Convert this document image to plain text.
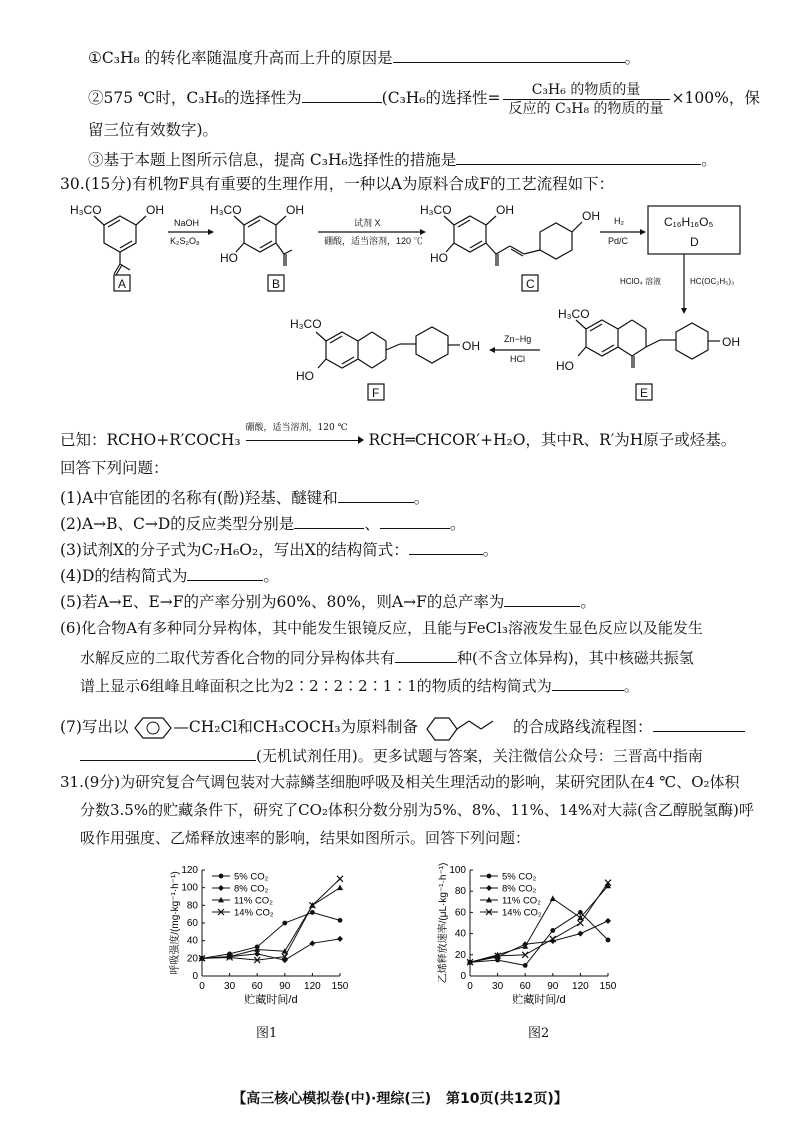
①C₃H₈ 的转化率随温度升高而上升的原因是	。
②575 ℃时，C₃H₆的选择性为	(C₃H₆的选择性= $\frac{\text{C₃H₆ 的物质的量}}{\text{反应的 C₃H₈ 的物质的量}} \times 100\%$，保
留三位有效数字)。
③基于本题上图所示信息，提高 C₃H₆选择性的措施是	。
30.(15分)有机物F具有重要的生理作用，一种以A为原料合成F的工艺流程如下：
H₃CO	OH
A
NaOH
K₂S₂O₈
H₃CO	OH
HO
B
试剂 X
硼酸，适当溶剂，120 ℃
H₃CO	OH
HO
OH
C
H₂
Pd/C
C₁₆H₁₆O₅
D
HClO₄ 溶液	HC(OC₂H₅)₃
H₃CO
HO
OH
E
Zn−Hg
HCl
H₃CO
HO
OH
F
已知：RCHO+R′COCH₃
硼酸，适当溶剂，120 ℃
RCH═CHCOR′+H₂O，其中R、R′为H原子或烃基。
回答下列问题：
(1)A中官能团的名称有(酚)羟基、醚键和	。
(2)A→B、C→D的反应类型分别是	、	。
(3)试剂X的分子式为C₇H₆O₂，写出X的结构简式：	。
(4)D的结构简式为	。
(5)若A→E、E→F的产率分别为60%、80%，则A→F的总产率为	。
(6)化合物A有多种同分异构体，其中能发生银镜反应，且能与FeCl₃溶液发生显色反应以及能发生
水解反应的二取代芳香化合物的同分异构体共有	种(不含立体异构)，其中核磁共振氢
谱上显示6组峰且峰面积之比为2∶2∶2∶2∶1∶1的物质的结构简式为	。
(7)写出以	—CH₂Cl和CH₃COCH₃为原料制备	的合成路线流程图：
(无机试剂任用)。更多试题与答案，关注微信公众号：三晋高中指南
31.(9分)为研究复合气调包装对大蒜鳞茎细胞呼吸及相关生理活动的影响，某研究团队在4 ℃、O₂体积
分数3.5%的贮藏条件下，研究了CO₂体积分数分别为5%、8%、11%、14%对大蒜(含乙醇脱氢酶)呼
吸作用强度、乙烯释放速率的影响，结果如图所示。回答下列问题：
0
20
40
60
80
100
120
0 30 60 90 120 150
贮藏时间/d
呼吸强度/(mg·kg⁻¹·h⁻¹)	5% CO₂
8% CO₂
11% CO₂
14% CO₂
0
20
40
60
80
100
0 30 60 90 120 150
贮藏时间/d
乙烯释放速率/(μL·kg⁻¹·h⁻¹)	5% CO₂
8% CO₂
11% CO₂
14% CO₂
图1	图2
【高三核心模拟卷(中)·理综(三) 第10页(共12页)】
